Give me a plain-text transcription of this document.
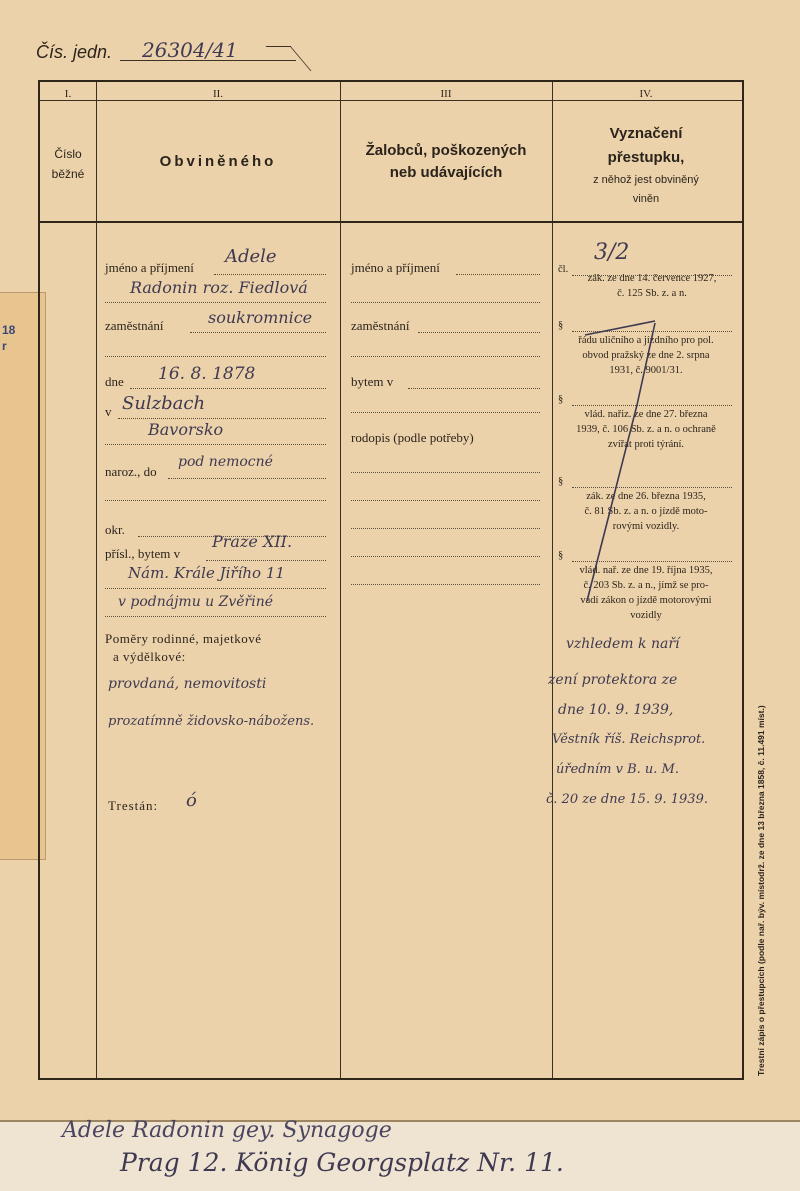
18
r
Čís. jedn. 26304/41
I.	II.	III	IV.
Číslo
běžné
Obviněného
Žalobců, poškozených
neb udávajících
Vyznačení
přestupku,
z něhož jest obviněný
viněn
jméno a příjmení
Adele
Radonin roz. Fiedlová
zaměstnání	soukromnice
dne 16. 8. 1878
v Sulzbach
Bavorsko
naroz., do
pod nemocné
okr.
přísl., bytem v
Praze XII.
Nám. Krále Jiřího 11
v podnájmu u Zvěřiné
Poměry rodinné, majetkové
a výdělkové:
provdaná, nemovitosti
prozatímně židovsko-nábožens.
Trestán: ó
jméno a příjmení
zaměstnání
bytem v
rodopis (podle potřeby)
čl.
3/2
zák. ze dne 14. července 1927,
č. 125 Sb. z. a n.
§
řádu uličního a jízdního pro pol.
obvod pražský ze dne 2. srpna
1931, č. 9001/31.
§
vlád. nařiz. ze dne 27. března
1939, č. 106 Sb. z. a n. o ochraně
zvířat proti týrání.
§
zák. ze dne 26. března 1935,
č. 81 Sb. z. a n. o jízdě moto-
rovými vozidly.
§
vlád. nař. ze dne 19. října 1935,
č. 203 Sb. z. a n., jímž se pro-
vádí zákon o jízdě motorovými
vozidly
vzhledem k naří
zení protektora ze
dne 10. 9. 1939,
Věstník říš. Reichsprot.
úředním v B. u. M.
č. 20 ze dne 15. 9. 1939.	Trestní zápis o přestupcích (podle nař. býv. místodrž. ze dne 13 března 1858, č. 11.491 míst.)
Adele Radonin gey. Synagoge
Prag 12. König Georgsplatz Nr. 11.
